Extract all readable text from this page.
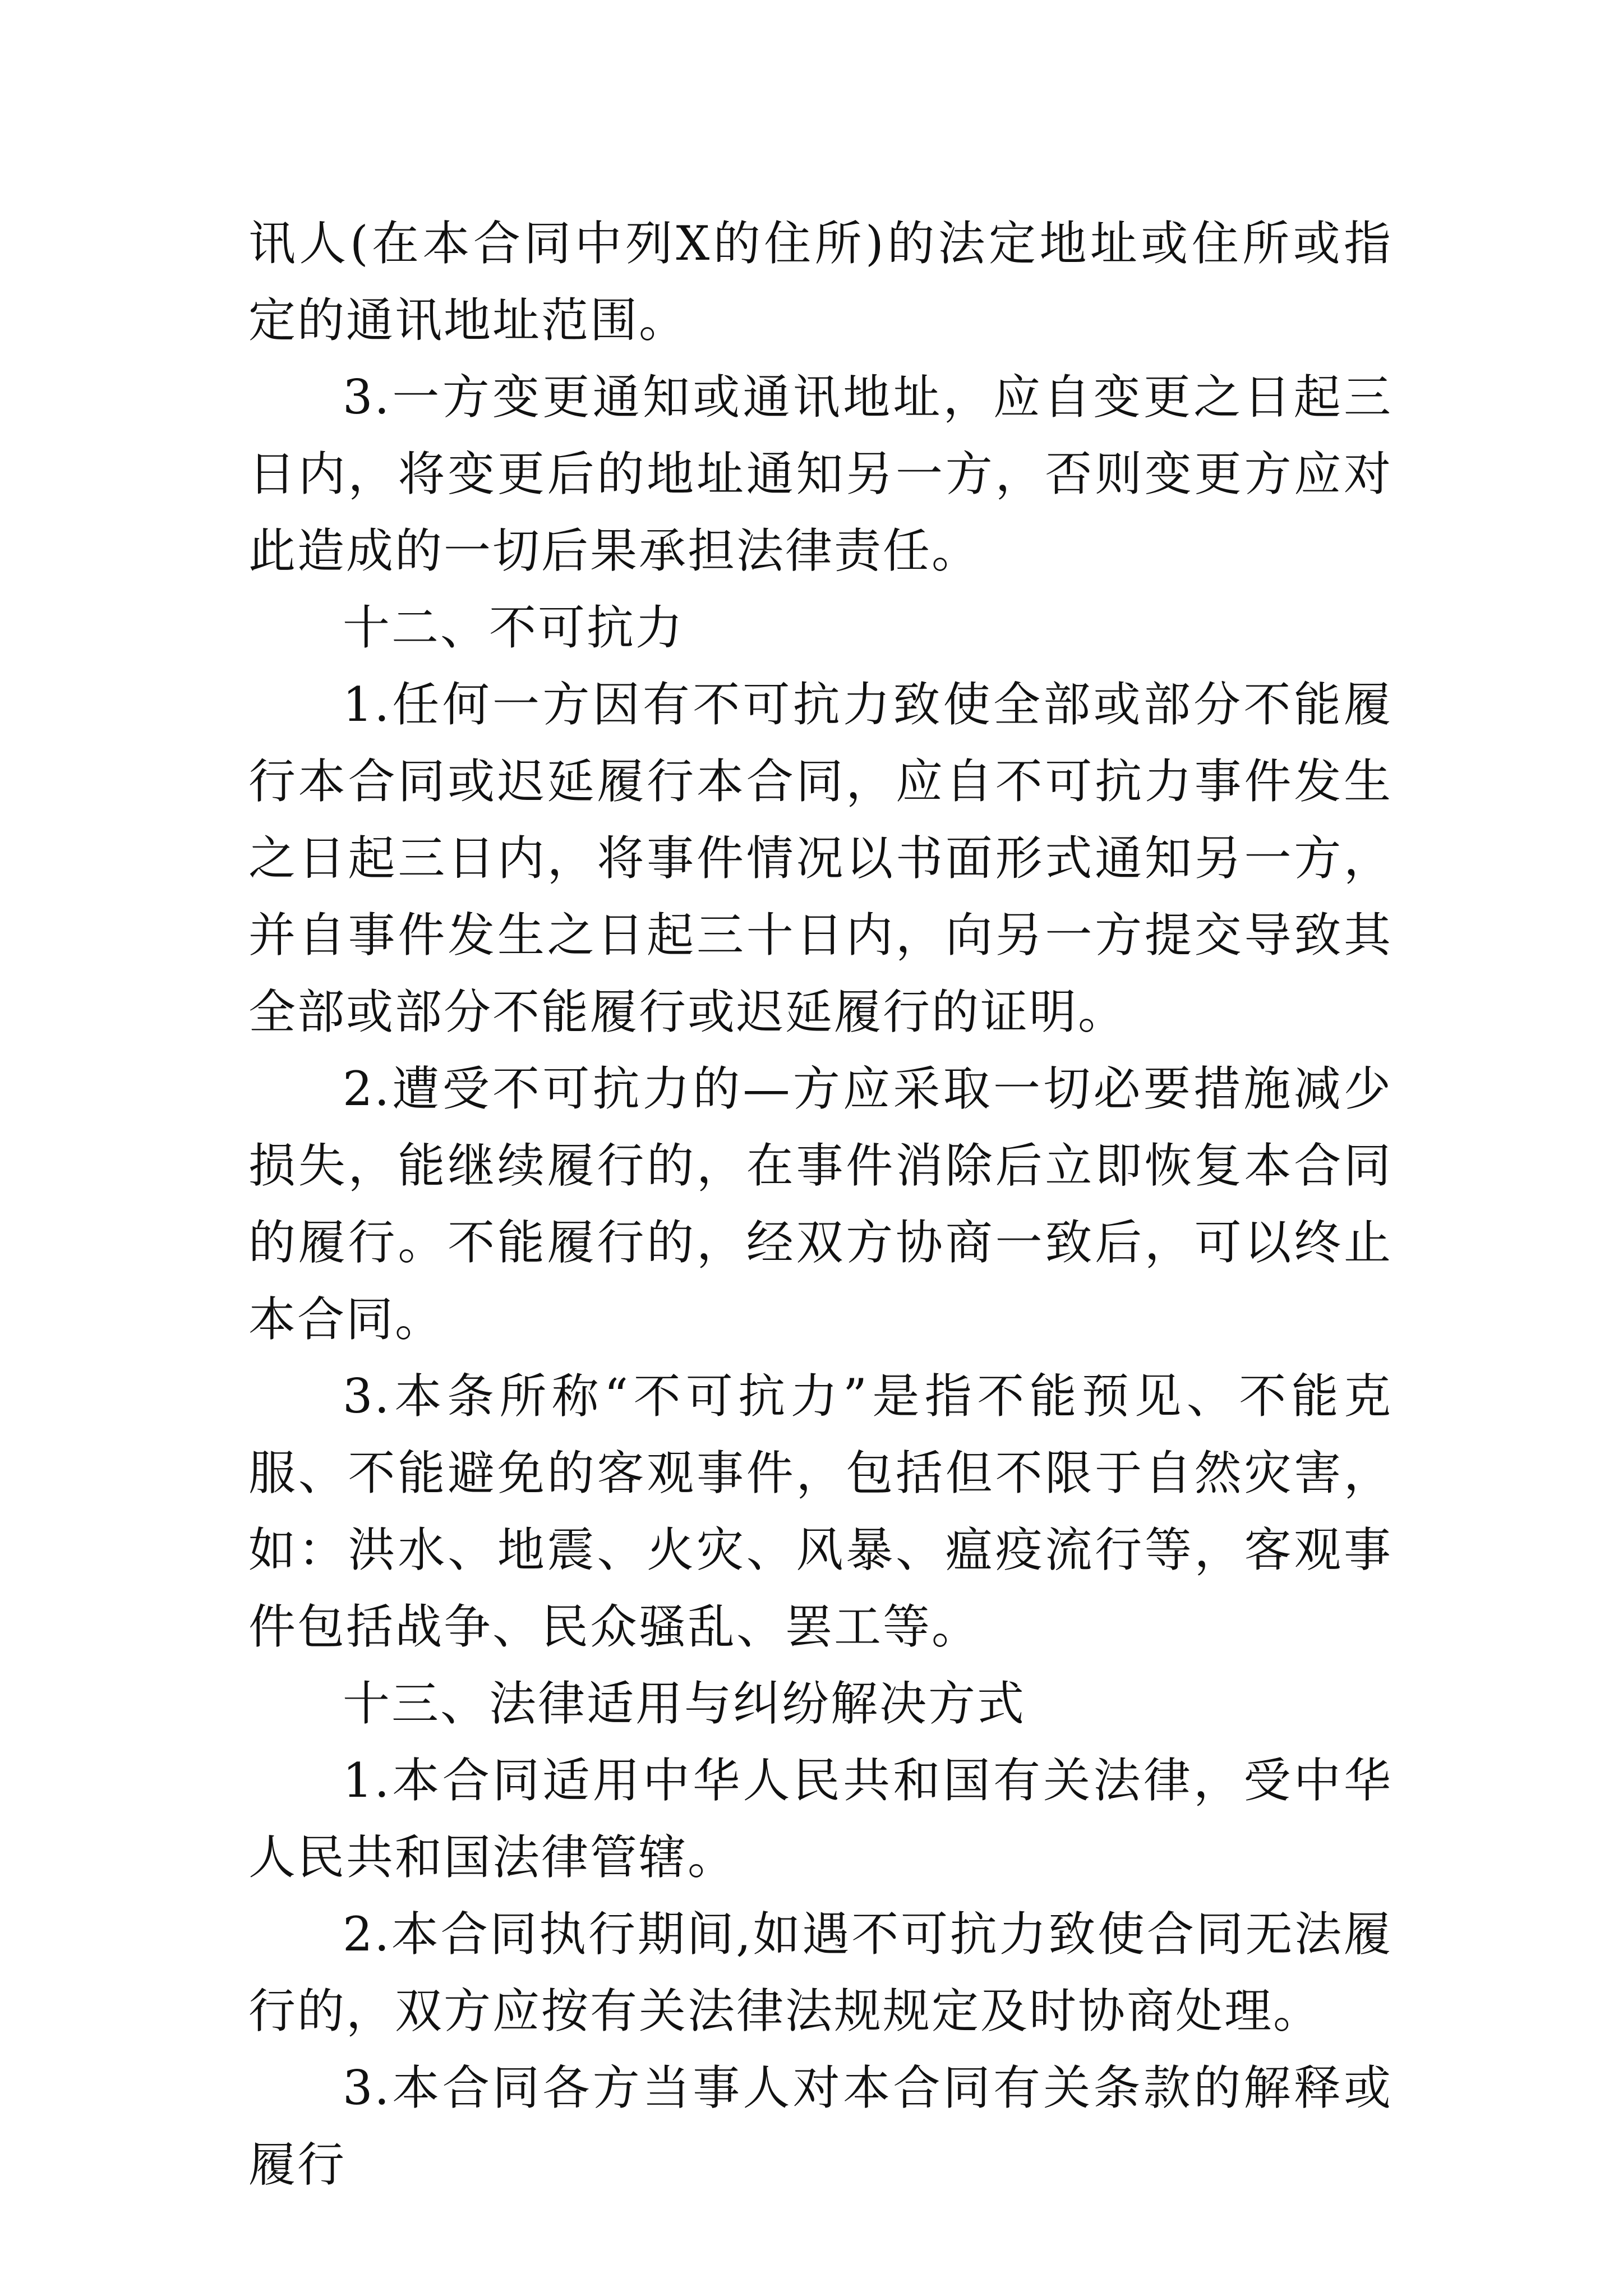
讯人(在本合同中列X的住所)的法定地址或住所或指定的通讯地址范围。

3.一方变更通知或通讯地址，应自变更之日起三日内，将变更后的地址通知另一方，否则变更方应对此造成的一切后果承担法律责任。

十二、不可抗力

1.任何一方因有不可抗力致使全部或部分不能履行本合同或迟延履行本合同，应自不可抗力事件发生之日起三日内，将事件情况以书面形式通知另一方，并自事件发生之日起三十日内，向另一方提交导致其全部或部分不能履行或迟延履行的证明。

2.遭受不可抗力的—方应采取一切必要措施减少损失，能继续履行的，在事件消除后立即恢复本合同的履行。不能履行的，经双方协商一致后，可以终止本合同。

3.本条所称“不可抗力”是指不能预见、不能克服、不能避免的客观事件，包括但不限于自然灾害，如：洪水、地震、火灾、风暴、瘟疫流行等，客观事件包括战争、民众骚乱、罢工等。

十三、法律适用与纠纷解决方式

1.本合同适用中华人民共和国有关法律，受中华人民共和国法律管辖。

2.本合同执行期间,如遇不可抗力致使合同无法履行的，双方应按有关法律法规规定及时协商处理。

3.本合同各方当事人对本合同有关条款的解释或履行
